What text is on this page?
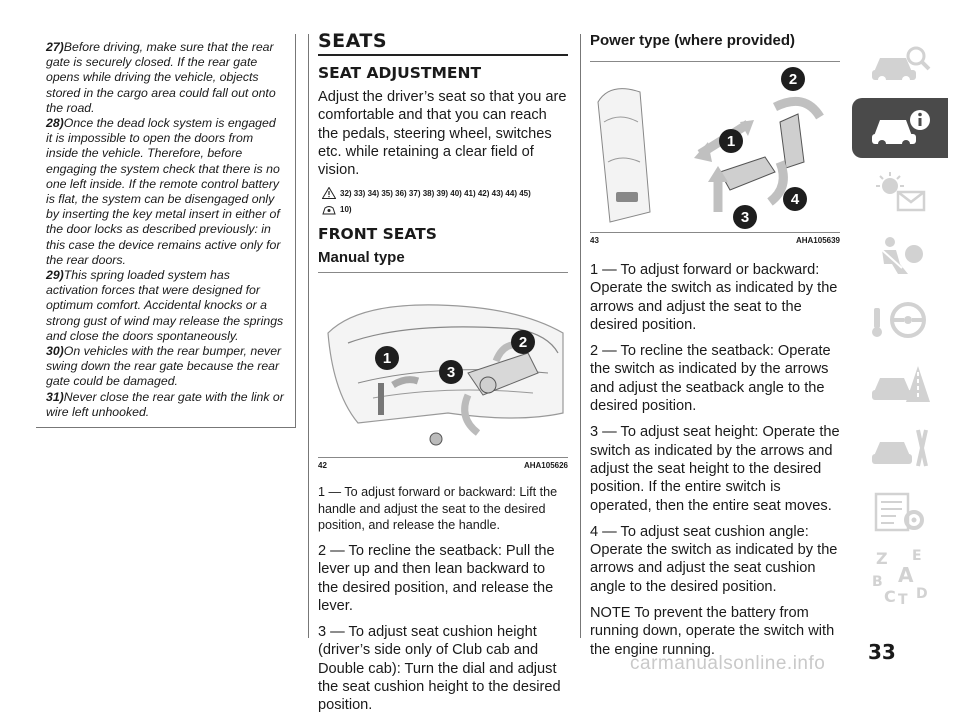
27)Before driving, make sure that the rear gate is securely closed. If the rear gate opens while driving the vehicle, objects stored in the cargo area could fall out onto the road.

28)Once the dead lock system is engaged it is impossible to open the doors from inside the vehicle. Therefore, before engaging the system check that there is no one left inside. If the remote control battery is flat, the system can be disengaged only by inserting the key metal insert in either of the door locks as described previously: in this case the device remains active only for the rear doors.

29)This spring loaded system has activation forces that were designed for optimum comfort. Accidental knocks or a strong gust of wind may release the springs and close the doors spontaneously.

30)On vehicles with the rear bumper, never swing down the rear gate because the rear gate could be damaged.

31)Never close the rear gate with the link or wire left unhooked.

SEATS
SEAT ADJUSTMENT

Adjust the driver’s seat so that you are comfortable and that you can reach the pedals, steering wheel, switches etc. while retaining a clear field of vision.

32) 33) 34) 35) 36) 37) 38) 39) 40) 41) 42) 43) 44) 45)
10)
FRONT SEATS
Manual type
1
3
2
42	AHA105626

1 — To adjust forward or backward: Lift the handle and adjust the seat to the desired position, and release the handle.

2 — To recline the seatback: Pull the lever up and then lean backward to the desired position, and release the lever.

3 — To adjust seat cushion height (driver’s side only of Club cab and Double cab): Turn the dial and adjust the seat cushion height to the desired position.

Power type (where provided)
1
2
3
4
43	AHA105639

1 — To adjust forward or backward: Operate the switch as indicated by the arrows and adjust the seat to the desired position.

2 — To recline the seatback: Operate the switch as indicated by the arrows and adjust the seatback angle to the desired position.

3 — To adjust seat height: Operate the switch as indicated by the arrows and adjust the seat height to the desired position. If the entire switch is operated, then the entire seat moves.

4 — To adjust seat cushion angle: Operate the switch as indicated by the arrows and adjust the seat cushion angle to the desired position.

NOTE To prevent the battery from running down, operate the switch with the engine running.

Z E
B A
C T D
33
carmanualsonline.info
